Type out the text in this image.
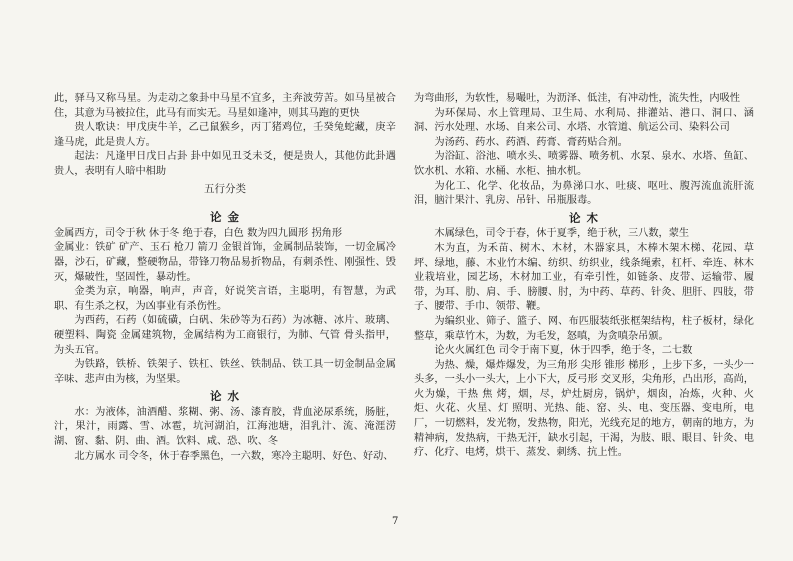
此，驿马又称马星。为走动之象卦中马星不宜多，主奔波劳苦。如马星被合住，其意为马被拉住，此马有而实无。马星如逢冲，则其马跑的更快

贵人歌诀：甲戊庚牛羊，乙己鼠猴乡，丙丁猪鸡位，壬癸兔蛇藏，庚辛逢马虎，此是贵人方。

起法：凡逢甲日戊日占卦 卦中如见丑爻未爻，便是贵人，其他仿此卦遇贵人，表明有人暗中相助

五行分类

论 金

金属西方，司令于秋 休于冬 绝于春，白色 数为四九圆形 拐角形

金属业：铁矿 矿产、玉石 枪刀 箭刀 金银首饰，金属制品装饰，一切金属冷器，沙石，矿藏，整硬物品，带锋刀物品易折物品，有刺杀性、刚强性、毁灭，爆破性，坚固性，暴动性。

金类为京，响器，响声，声音，好说笑言语，主聪明，有智慧，为武职、有生杀之权，为凶事业有杀伤性。

为西药，石药（如硫磺，白矾、朱砂等为石药）为冰糖、冰片、玻璃、硬塑料、陶瓷 金属建筑物，金属结构为工商银行，为肺、气管 骨头指甲，为头五官。

为铁路，铁桥、铁架子、铁杠、铁丝、铁制品、铁工具一切金制品金属辛味、悲声由为核，为坚果。

论 水

水：为液体，油酒醋、浆糊、粥、汤、漆育胶，背血泌尿系统，肠脏，汁，果汁，雨露、雪、冰雹，坑河湖泊，江海池塘，泪乳汁、流、淹涯涝湖、窗、黏、阴、曲、酒。饮料、咸、恐、吹、冬

北方属水 司令冬，休于春季黑色，一六数，寒冷主聪明、好色、好动、

为弯曲形，为软性，易嘬吐，为沥泽、低洼，有冲动性，流失性，内吸性

为环保局、水上管理局、卫生局、水利局、排灌站、港口、洞口、涵洞、污水处理、水场、自来公司、水塔、水管道、航运公司、染料公司

为汤药、药水、药酒、药膏、膏药贴合剂。

为浴缸、浴池、喷水头、喷雾器、喷务机、水泵、泉水、水塔、鱼缸、饮水机、水箱、水桶、水柜、抽水机。

为化工、化学、化妆品，为鼻涕口水、吐痰、呕吐、腹泻流血流肝流泪，脑汁果汁、乳房、吊针、吊瓶服毒。

论 木

木属绿色，司令于春，休于夏季，绝于秋，三八数，蒙生

木为直，为禾苗、树木、木材，木器家具，木棒木架木梯、花园、草坪、绿地，藤、木业竹木编、纺织、纺织业，线条绳索，杠杆、牵连、林木业栽培业，园艺场，木材加工业，有牵引性，如链条、皮带、运输带、履带，为耳、肋、肩、手、膀腰、肘，为中药、草药、针灸、胆肝、四肢，带子、腰带、手巾、领带、鞭。

为编织业、筛子、篮子、网、布匹服装纸张框架结构，柱子板材，绿化整草，乘草竹木，为数，为毛发，怒嗔，为贪嗔杂吊颁。

论火火属红色 司令于南下夏，休于四季，绝于冬，二七数

为热、燥，爆炸爆发，为三角形 尖形 锥形 梯形 ，上步下多，一头少一头多，一头小一头大，上小下大，反弓形 交叉形，尖角形，凸出形，高尚，火为燥，干热 焦 烤，烟，尽，炉灶厨房，锅炉，烟囱，冶炼，火种、火炬、火花、火星、灯 照明、光热、能、窑、头、电、变压器、变电所，电厂，一切燃料，发光物，发热物，阳光，光线充足的地方，朝南的地方，为精神病，发热病，干热无汗，缺水引起，干渴，为肢、眼、眼目、针灸、电疗、化疗、电烤，烘干、蒸发、刺绣、抗上性。

7
